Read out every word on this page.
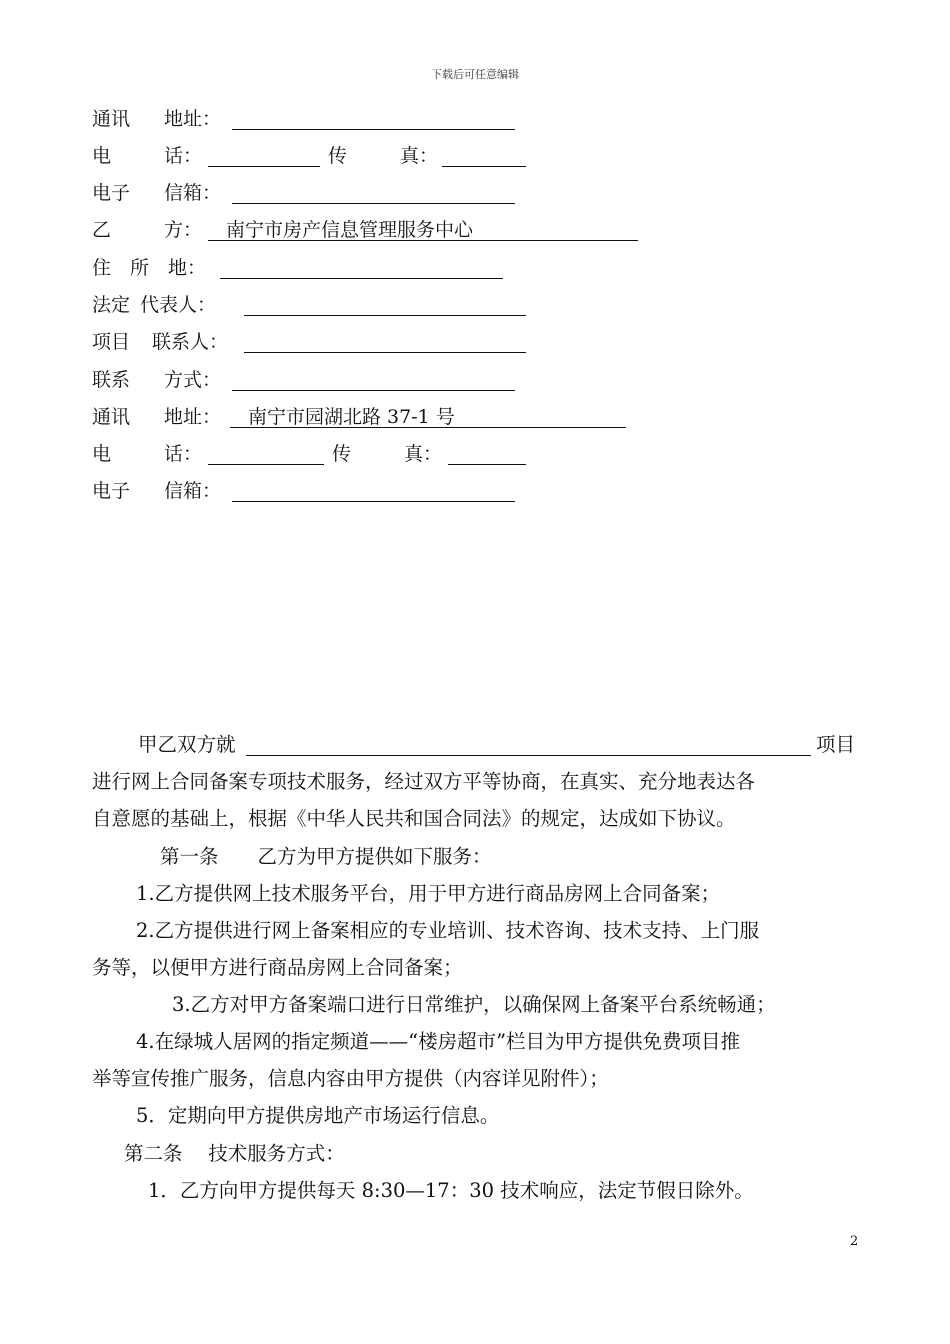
下载后可任意编辑
通讯 地址：
电	话：	传	真：
电子 信箱：
乙	方： 南宁市房产信息管理服务中心
住　所　地：
法定 代表人：
项目 联系人：
联系 方式：
通讯 地址： 南宁市园湖北路 37-1 号
电	话：	传	真：
电子 信箱：
甲乙双方就	项目
进行网上合同备案专项技术服务，经过双方平等协商，在真实、充分地表达各
自意愿的基础上，根据《中华人民共和国合同法》的规定，达成如下协议。
第一条　　乙方为甲方提供如下服务：
1.乙方提供网上技术服务平台，用于甲方进行商品房网上合同备案；
2.乙方提供进行网上备案相应的专业培训、技术咨询、技术支持、上门服
务等，以便甲方进行商品房网上合同备案；
3.乙方对甲方备案端口进行日常维护，以确保网上备案平台系统畅通；
4.在绿城人居网的指定频道——“楼房超市”栏目为甲方提供免费项目推
举等宣传推广服务，信息内容由甲方提供（内容详见附件）；
5．定期向甲方提供房地产市场运行信息。
第二条　 技术服务方式：
1．乙方向甲方提供每天 8:30—17：30 技术响应，法定节假日除外。
2
